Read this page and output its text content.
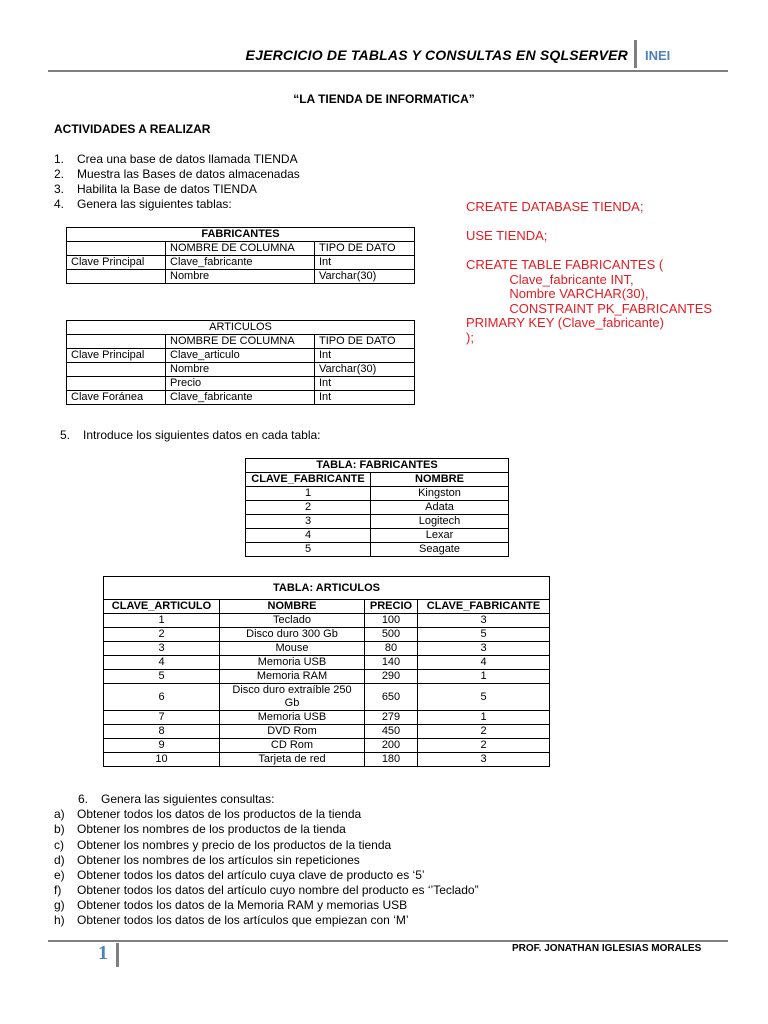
EJERCICIO DE TABLAS Y CONSULTAS EN SQLSERVER INEI
“LA TIENDA DE INFORMATICA”
ACTIVIDADES A REALIZAR
1. Crea una base de datos llamada TIENDA
2. Muestra las Bases de datos almacenadas
3. Habilita la Base de datos TIENDA
4. Genera las siguientes tablas:
FABRICANTES		
	NOMBRE DE COLUMNA	TIPO DE DATO
Clave Principal	Clave_fabricante	Int
	Nombre	Varchar(30)
ARTICULOS		
	NOMBRE DE COLUMNA	TIPO DE DATO
Clave Principal	Clave_articulo	Int
	Nombre	Varchar(30)
	Precio	Int
Clave Foránea	Clave_fabricante	Int
CREATE DATABASE TIENDA;

USE TIENDA;

CREATE TABLE FABRICANTES (
Clave_fabricante INT,
Nombre VARCHAR(30),
CONSTRAINT PK_FABRICANTES
PRIMARY KEY (Clave_fabricante)
);
5. Introduce los siguientes datos en cada tabla:
TABLA: FABRICANTES	
CLAVE_FABRICANTE	NOMBRE
1	Kingston
2	Adata
3	Logitech
4	Lexar
5	Seagate
TABLA: ARTICULOS			
CLAVE_ARTICULO	NOMBRE	PRECIO	CLAVE_FABRICANTE
1	Teclado	100	3
2	Disco duro 300 Gb	500	5
3	Mouse	80	3
4	Memoria USB	140	4
5	Memoria RAM	290	1
6	Disco duro extraíble 250 Gb	650	5
7	Memoria USB	279	1
8	DVD Rom	450	2
9	CD Rom	200	2
10	Tarjeta de red	180	3
6. Genera las siguientes consultas:
a) Obtener todos los datos de los productos de la tienda
b) Obtener los nombres de los productos de la tienda
c) Obtener los nombres y precio de los productos de la tienda
d) Obtener los nombres de los artículos sin repeticiones
e) Obtener todos los datos del artículo cuya clave de producto es ‘5’
f) Obtener todos los datos del artículo cuyo nombre del producto es ‘’Teclado”
g) Obtener todos los datos de la Memoria RAM y memorias USB
h) Obtener todos los datos de los artículos que empiezan con ‘M’
1	PROF. JONATHAN IGLESIAS MORALES
